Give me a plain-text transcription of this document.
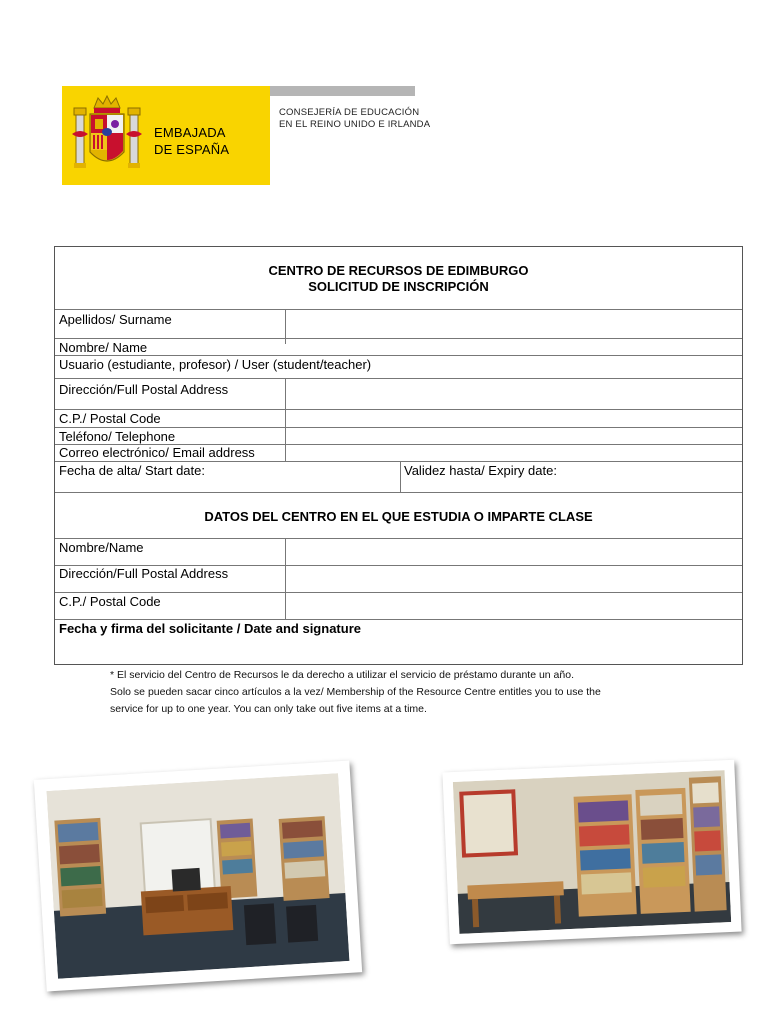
EMBAJADA
DE ESPAÑA
CONSEJERÍA DE EDUCACIÓN
EN EL REINO UNIDO E IRLANDA
CENTRO DE RECURSOS DE EDIMBURGO
SOLICITUD DE INSCRIPCIÓN
Apellidos/ Surname
Nombre/ Name
Usuario (estudiante, profesor) / User (student/teacher)
Dirección/Full Postal Address
C.P./ Postal Code
Teléfono/ Telephone
Correo electrónico/ Email address
Fecha de alta/ Start date:	Validez hasta/ Expiry date:
DATOS DEL CENTRO EN EL QUE ESTUDIA O IMPARTE CLASE
Nombre/Name
Dirección/Full Postal Address
C.P./ Postal Code
Fecha y firma del solicitante / Date and signature
* El servicio del Centro de Recursos le da derecho a utilizar el servicio de préstamo durante un año.
Solo se pueden sacar cinco artículos a la vez/ Membership of the Resource Centre entitles you to use the
service for up to one year. You can only take out five items at a time.
